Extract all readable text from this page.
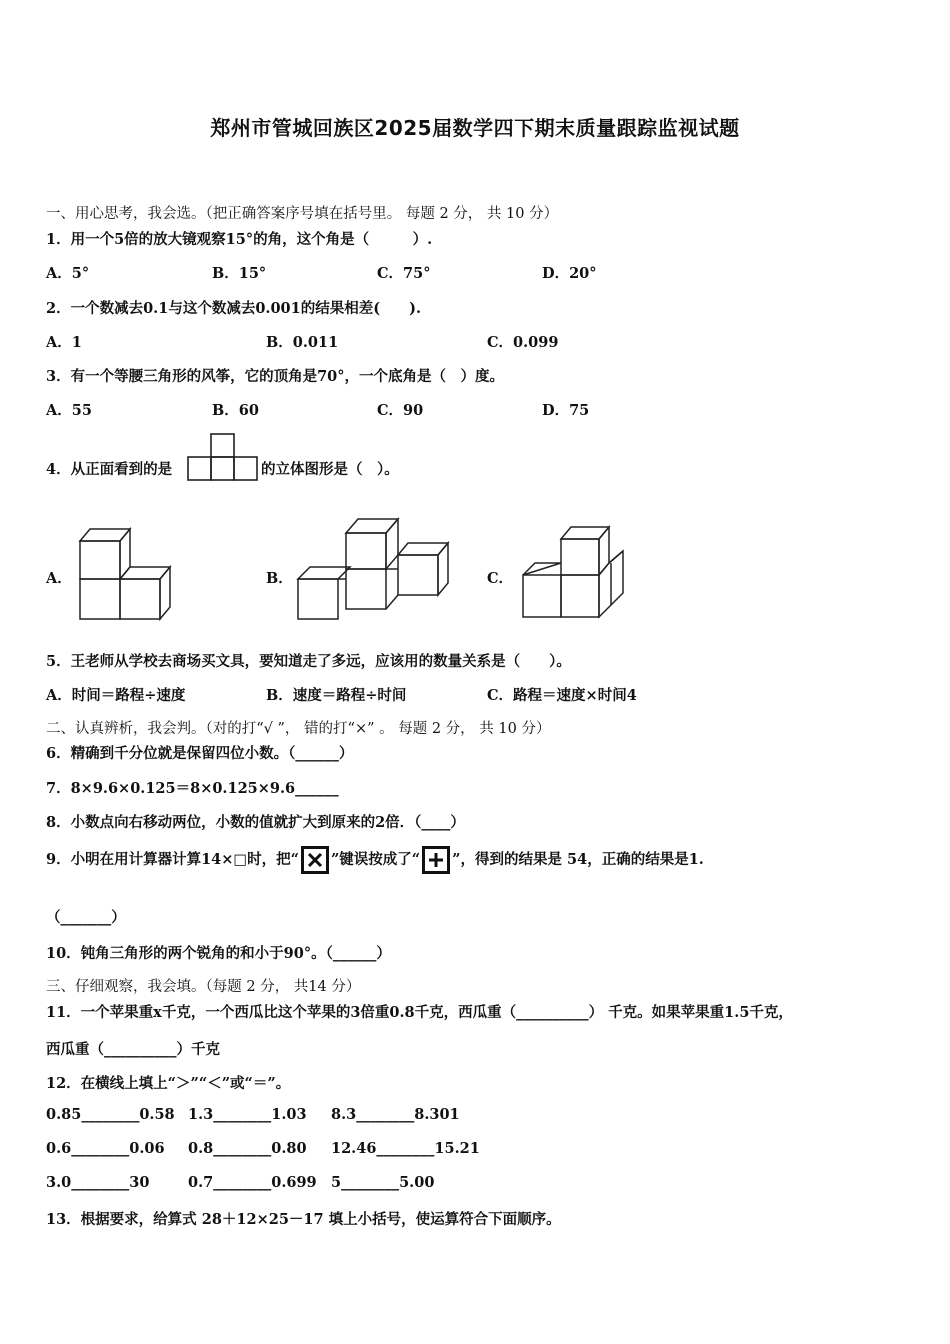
郑州市管城回族区2025届数学四下期末质量跟踪监视试题
一、用心思考，我会选。（把正确答案序号填在括号里。 每题 2 分， 共 10 分）
1．用一个5倍的放大镜观察15°的角，这个角是（　　　）.
A．5°	B．15°	C．75°	D．20°
2．一个数减去0.1与这个数减去0.001的结果相差(　　).
A．1	B．0.011	C．0.099
3．有一个等腰三角形的风筝，它的顶角是70°，一个底角是（　）度。
A．55	B．60	C．90	D．75
4．从正面看到的是	的立体图形是（　）。
A．	B．	C．
5．王老师从学校去商场买文具，要知道走了多远，应该用的数量关系是（　　）。
A．时间＝路程÷速度	B．速度＝路程÷时间	C．路程＝速度×时间4
二、认真辨析，我会判。（对的打“√ ”， 错的打“×” 。 每题 2 分， 共 10 分）
6．精确到千分位就是保留四位小数。（______）
7．8×9.6×0.125＝8×0.125×9.6______
8．小数点向右移动两位，小数的值就扩大到原来的2倍．（____）
9．小明在用计算器计算14×□时，把“ ”键误按成了“ ”，得到的结果是 54，正确的结果是1.
（_______）
10．钝角三角形的两个锐角的和小于90°。（______）
三、仔细观察，我会填。（每题 2 分， 共14 分）
11．一个苹果重x千克，一个西瓜比这个苹果的3倍重0.8千克，西瓜重（__________） 千克。如果苹果重1.5千克，
西瓜重（__________）千克
12．在横线上填上“＞”“＜”或“＝”。
0.85________0.58 1.3________1.03 8.3________8.301
0.6________0.06 0.8________0.80 12.46________15.21
3.0________30	0.7________0.699 5________5.00
13．根据要求，给算式 28＋12×25－17 填上小括号，使运算符合下面顺序。
